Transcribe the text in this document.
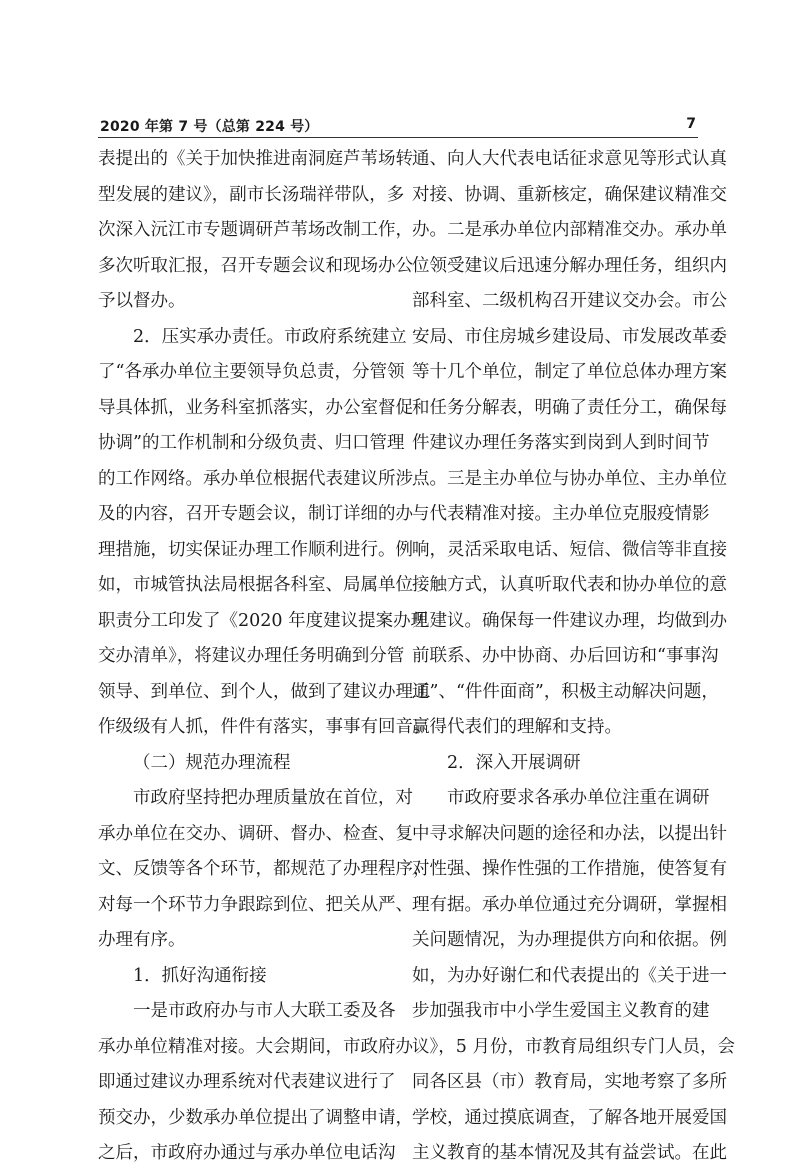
2020 年第 7 号（总第 224 号）	7
表提出的《关于加快推进南洞庭芦苇场转
型发展的建议》，副市长汤瑞祥带队，多
次深入沅江市专题调研芦苇场改制工作，
多次听取汇报，召开专题会议和现场办公
予以督办。
2．压实承办责任。市政府系统建立
了“各承办单位主要领导负总责，分管领
导具体抓，业务科室抓落实，办公室督促
协调”的工作机制和分级负责、归口管理
的工作网络。承办单位根据代表建议所涉
及的内容，召开专题会议，制订详细的办
理措施，切实保证办理工作顺利进行。例
如，市城管执法局根据各科室、局属单位
职责分工印发了《2020 年度建议提案办理
交办清单》，将建议办理任务明确到分管
领导、到单位、到个人，做到了建议办理工
作级级有人抓，件件有落实，事事有回音。
（二）规范办理流程
市政府坚持把办理质量放在首位，对
承办单位在交办、调研、督办、检查、复
文、反馈等各个环节，都规范了办理程序，
对每一个环节力争跟踪到位、把关从严、
办理有序。
1．抓好沟通衔接
一是市政府办与市人大联工委及各
承办单位精准对接。大会期间，市政府办
即通过建议办理系统对代表建议进行了
预交办，少数承办单位提出了调整申请，
之后，市政府办通过与承办单位电话沟
通、向人大代表电话征求意见等形式认真
对接、协调、重新核定，确保建议精准交
办。二是承办单位内部精准交办。承办单
位领受建议后迅速分解办理任务，组织内
部科室、二级机构召开建议交办会。市公
安局、市住房城乡建设局、市发展改革委
等十几个单位，制定了单位总体办理方案
和任务分解表，明确了责任分工，确保每
件建议办理任务落实到岗到人到时间节
点。三是主办单位与协办单位、主办单位
与代表精准对接。主办单位克服疫情影
响，灵活采取电话、短信、微信等非直接
接触方式，认真听取代表和协办单位的意
见建议。确保每一件建议办理，均做到办
前联系、办中协商、办后回访和“事事沟
通”、“件件面商”，积极主动解决问题，
赢得代表们的理解和支持。
2．深入开展调研
市政府要求各承办单位注重在调研
中寻求解决问题的途径和办法，以提出针
对性强、操作性强的工作措施，使答复有
理有据。承办单位通过充分调研，掌握相
关问题情况，为办理提供方向和依据。例
如，为办好谢仁和代表提出的《关于进一
步加强我市中小学生爱国主义教育的建
议》，5 月份，市教育局组织专门人员，会
同各区县（市）教育局，实地考察了多所
学校，通过摸底调查，了解各地开展爱国
主义教育的基本情况及其有益尝试。在此
